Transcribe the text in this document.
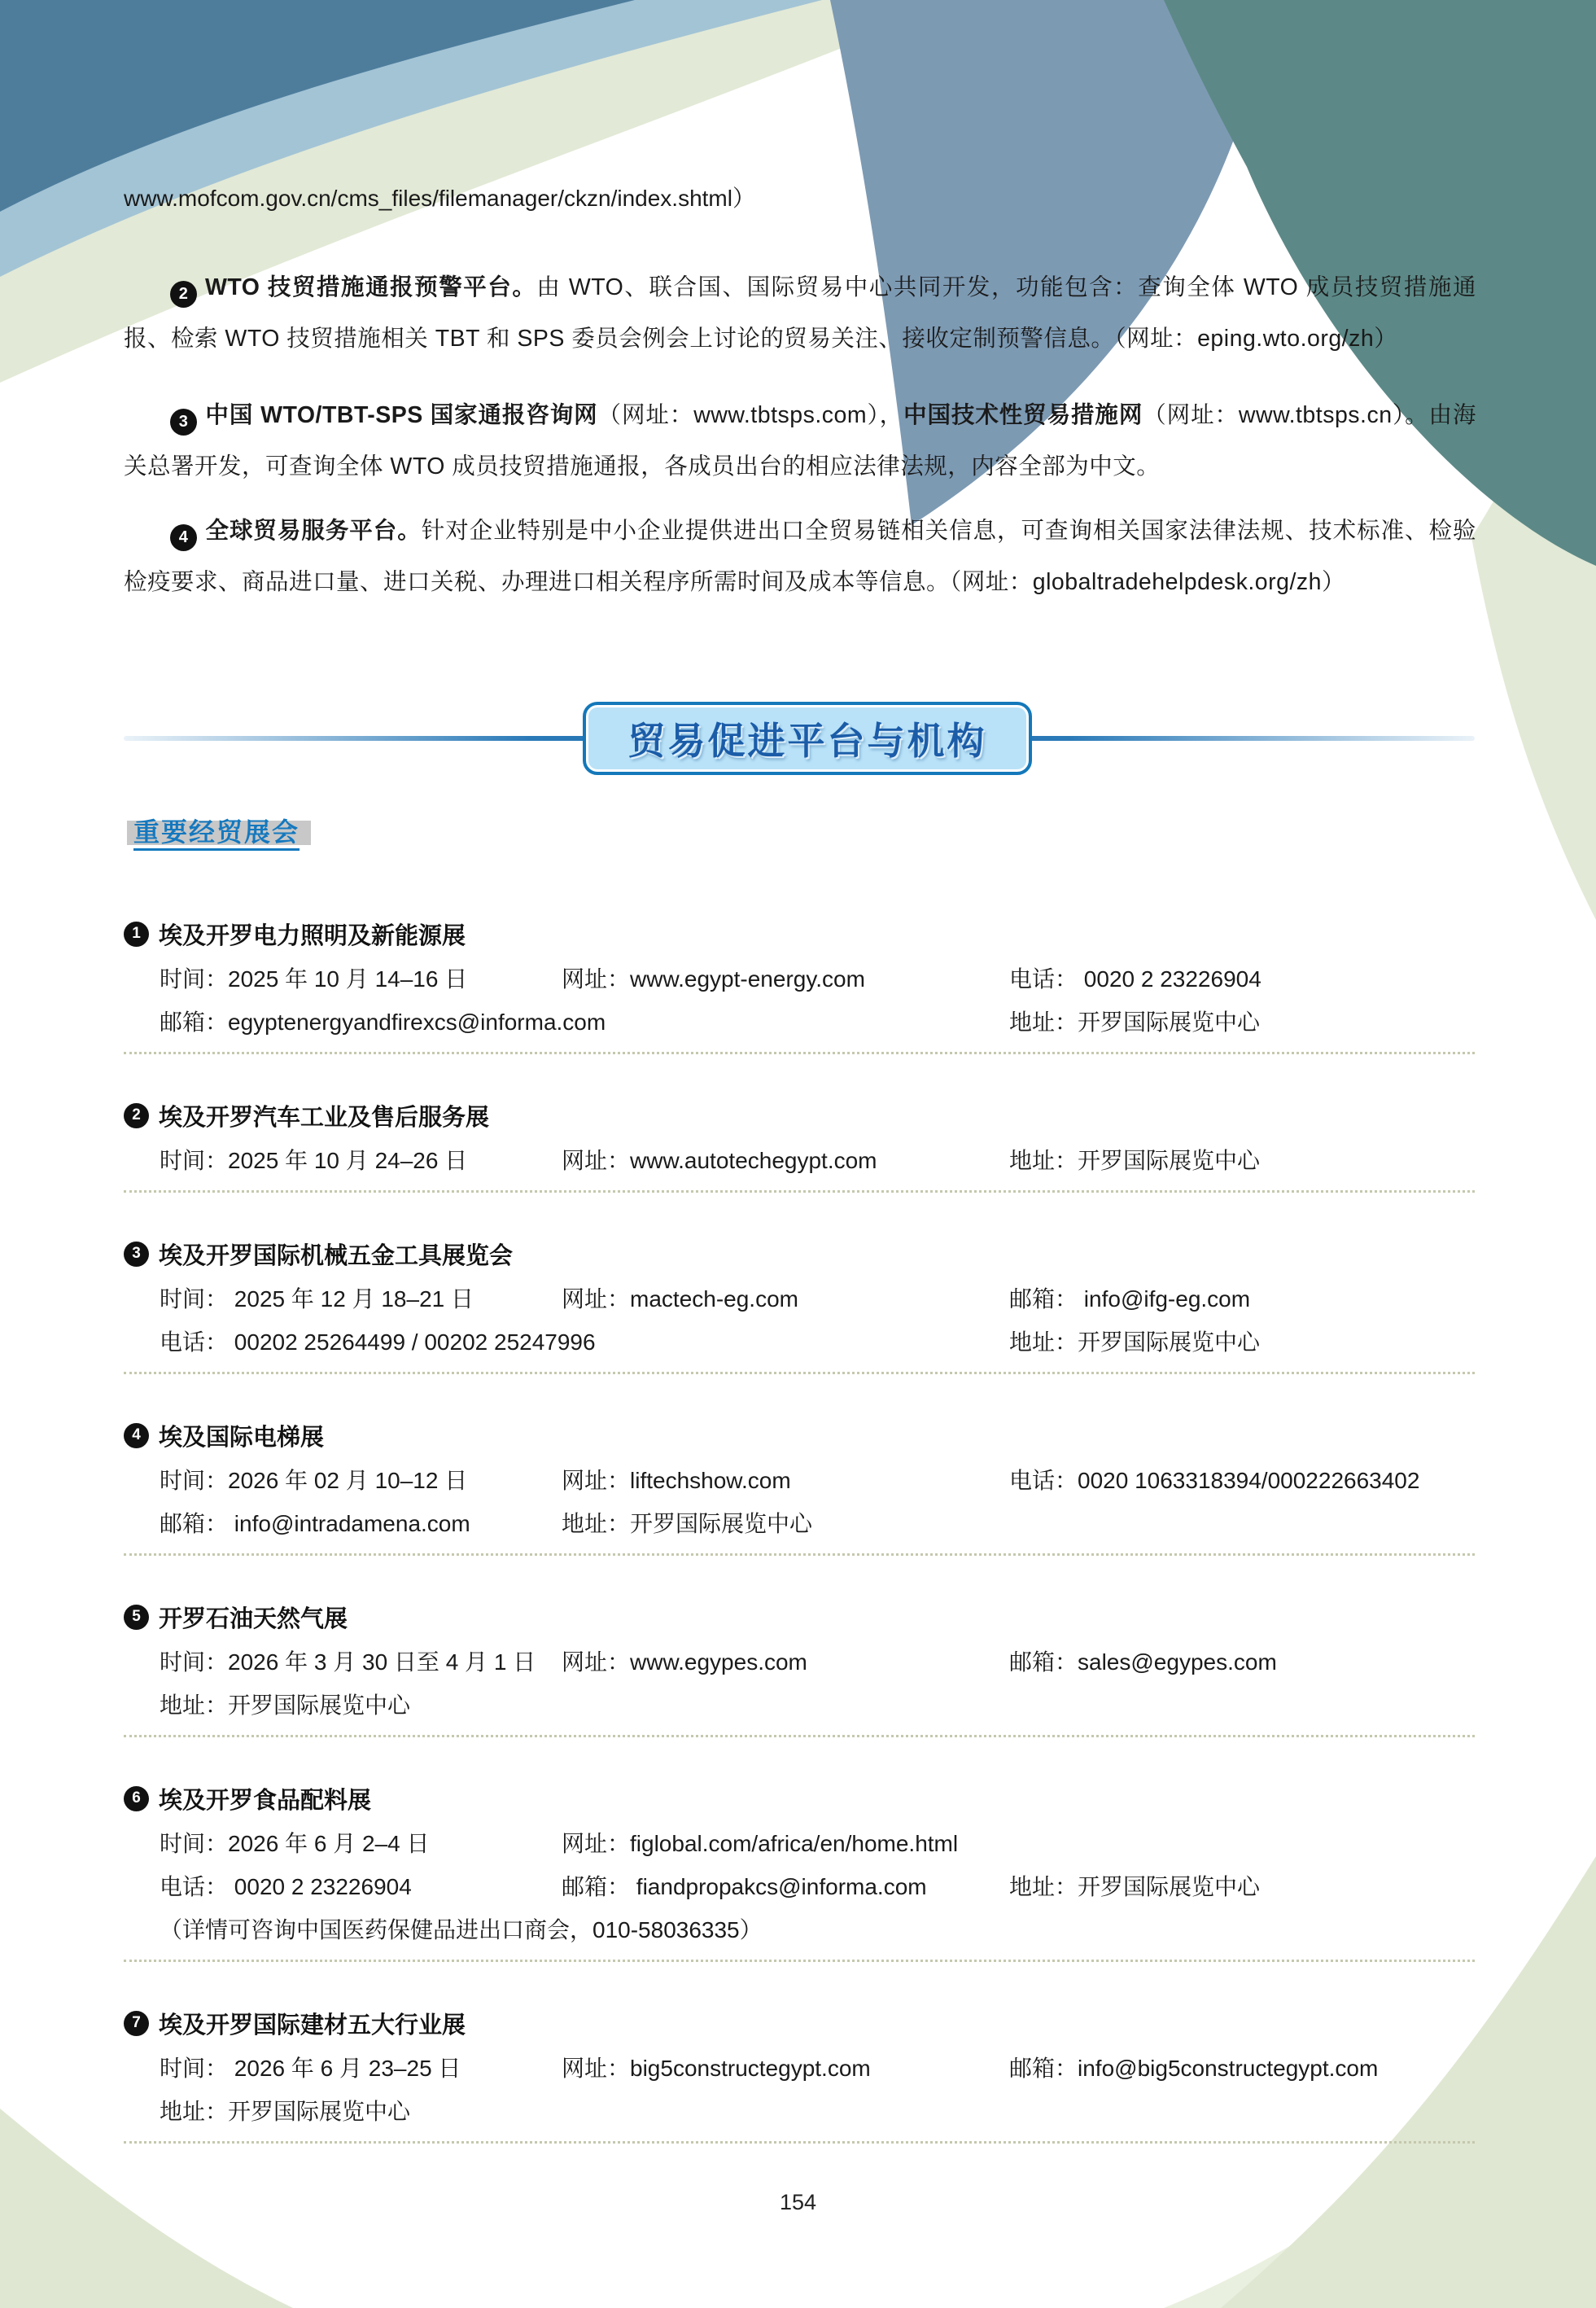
www.mofcom.gov.cn/cms_files/filemanager/ckzn/index.shtml）
2 WTO 技贸措施通报预警平台。由 WTO、联合国、国际贸易中心共同开发，功能包含：查询全体 WTO 成员技贸措施通报、检索 WTO 技贸措施相关 TBT 和 SPS 委员会例会上讨论的贸易关注、接收定制预警信息。（网址：eping.wto.org/zh）
3 中国 WTO/TBT-SPS 国家通报咨询网（网址：www.tbtsps.com），中国技术性贸易措施网（网址：www.tbtsps.cn）。由海关总署开发，可查询全体 WTO 成员技贸措施通报，各成员出台的相应法律法规，内容全部为中文。
4 全球贸易服务平台。针对企业特别是中小企业提供进出口全贸易链相关信息，可查询相关国家法律法规、技术标准、检验检疫要求、商品进口量、进口关税、办理进口相关程序所需时间及成本等信息。（网址：globaltradehelpdesk.org/zh）
贸易促进平台与机构
重要经贸展会
1 埃及开罗电力照明及新能源展
时间：2025 年 10 月 14–16 日	网址：www.egypt-energy.com	电话： 0020 2 23226904
邮箱：egyptenergyandfirexcs@informa.com	地址：开罗国际展览中心
2 埃及开罗汽车工业及售后服务展
时间：2025 年 10 月 24–26 日	网址：www.autotechegypt.com	地址：开罗国际展览中心
3 埃及开罗国际机械五金工具展览会
时间： 2025 年 12 月 18–21 日	网址：mactech-eg.com	邮箱： info@ifg-eg.com
电话： 00202 25264499 / 00202 25247996	地址：开罗国际展览中心
4 埃及国际电梯展
时间：2026 年 02 月 10–12 日	网址：liftechshow.com	电话：0020 1063318394/000222663402
邮箱： info@intradamena.com	地址：开罗国际展览中心
5 开罗石油天然气展
时间：2026 年 3 月 30 日至 4 月 1 日 网址：www.egypes.com	邮箱：sales@egypes.com
地址：开罗国际展览中心
6 埃及开罗食品配料展
时间：2026 年 6 月 2–4 日	网址：figlobal.com/africa/en/home.html
电话： 0020 2 23226904	邮箱： fiandpropakcs@informa.com	地址：开罗国际展览中心
（详情可咨询中国医药保健品进出口商会，010-58036335）
7 埃及开罗国际建材五大行业展
时间： 2026 年 6 月 23–25 日	网址：big5constructegypt.com	邮箱：info@big5constructegypt.com
地址：开罗国际展览中心
154
